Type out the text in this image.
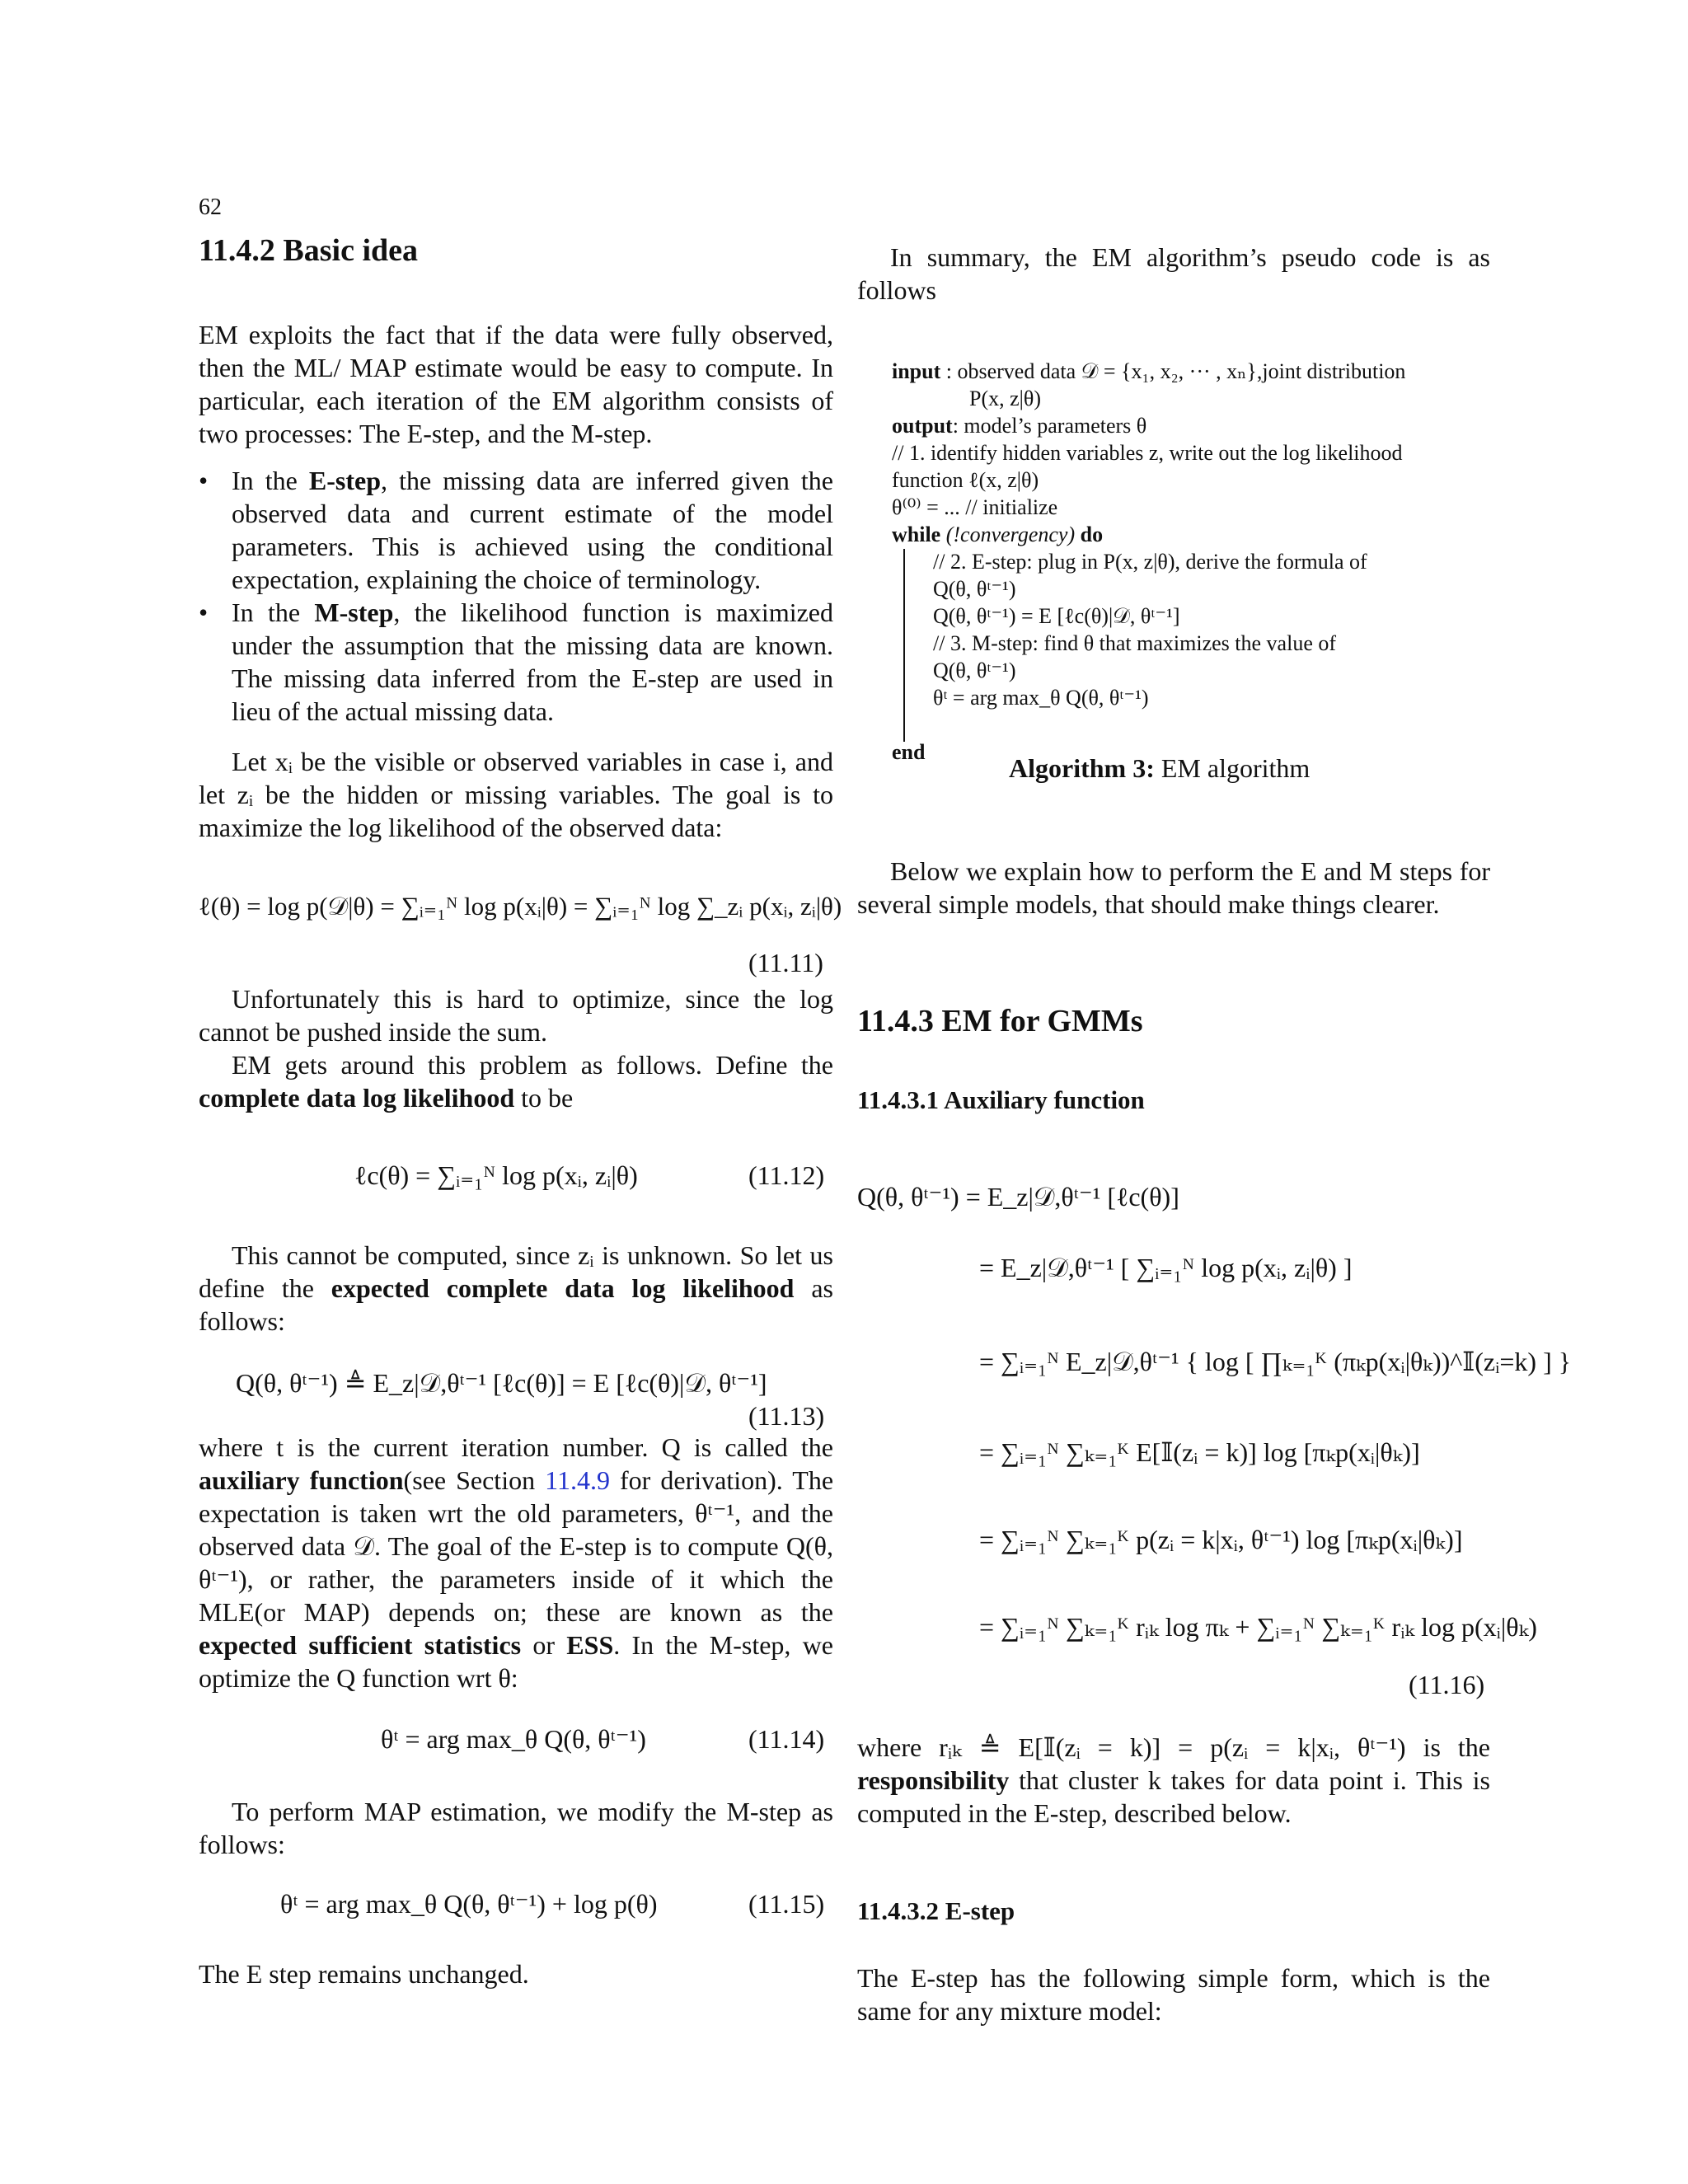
62
11.4.2 Basic idea

EM exploits the fact that if the data were fully observed, then the ML/ MAP estimate would be easy to compute. In particular, each iteration of the EM algorithm consists of two processes: The E-step, and the M-step.

• In the E-step, the missing data are inferred given the observed data and current estimate of the model parameters. This is achieved using the conditional expectation, explaining the choice of terminology.
• In the M-step, the likelihood function is maximized under the assumption that the missing data are known. The missing data inferred from the E-step are used in lieu of the actual missing data.

Let xᵢ be the visible or observed variables in case i, and let zᵢ be the hidden or missing variables. The goal is to maximize the log likelihood of the observed data:

ℓ(θ) = log p(𝒟|θ) = ∑ᵢ₌₁ᴺ log p(xᵢ|θ) = ∑ᵢ₌₁ᴺ log ∑_zᵢ p(xᵢ, zᵢ|θ)
(11.11)

Unfortunately this is hard to optimize, since the log cannot be pushed inside the sum.

EM gets around this problem as follows. Define the complete data log likelihood to be

ℓc(θ) = ∑ᵢ₌₁ᴺ log p(xᵢ, zᵢ|θ)	(11.12)

This cannot be computed, since zᵢ is unknown. So let us define the expected complete data log likelihood as follows:

Q(θ, θᵗ⁻¹) ≜ E_z|𝒟,θᵗ⁻¹ [ℓc(θ)] = E [ℓc(θ)|𝒟, θᵗ⁻¹]
(11.13)

where t is the current iteration number. Q is called the auxiliary function(see Section 11.4.9 for derivation). The expectation is taken wrt the old parameters, θᵗ⁻¹, and the observed data 𝒟. The goal of the E-step is to compute Q(θ, θᵗ⁻¹), or rather, the parameters inside of it which the MLE(or MAP) depends on; these are known as the expected sufficient statistics or ESS. In the M-step, we optimize the Q function wrt θ:

θᵗ = arg max_θ Q(θ, θᵗ⁻¹)	(11.14)

To perform MAP estimation, we modify the M-step as follows:

θᵗ = arg max_θ Q(θ, θᵗ⁻¹) + log p(θ)	(11.15)

The E step remains unchanged.

In summary, the EM algorithm’s pseudo code is as follows

input : observed data 𝒟 = {x₁, x₂, ··· , xₙ},joint distribution
P(x, z|θ)
output: model’s parameters θ
// 1. identify hidden variables z, write out the log likelihood
function ℓ(x, z|θ)
θ⁽⁰⁾ = ... // initialize
while (!convergency) do
// 2. E-step: plug in P(x, z|θ), derive the formula of
Q(θ, θᵗ⁻¹)
Q(θ, θᵗ⁻¹) = E [ℓc(θ)|𝒟, θᵗ⁻¹]
// 3. M-step: find θ that maximizes the value of
Q(θ, θᵗ⁻¹)
θᵗ = arg max_θ Q(θ, θᵗ⁻¹)
end
Algorithm 3: EM algorithm

Below we explain how to perform the E and M steps for several simple models, that should make things clearer.

11.4.3 EM for GMMs
11.4.3.1 Auxiliary function
Q(θ, θᵗ⁻¹) = E_z|𝒟,θᵗ⁻¹ [ℓc(θ)]
= E_z|𝒟,θᵗ⁻¹ [ ∑ᵢ₌₁ᴺ log p(xᵢ, zᵢ|θ) ]
= ∑ᵢ₌₁ᴺ E_z|𝒟,θᵗ⁻¹ { log [ ∏ₖ₌₁ᴷ (πₖp(xᵢ|θₖ))^𝕀(zᵢ=k) ] }
= ∑ᵢ₌₁ᴺ ∑ₖ₌₁ᴷ E[𝕀(zᵢ = k)] log [πₖp(xᵢ|θₖ)]
= ∑ᵢ₌₁ᴺ ∑ₖ₌₁ᴷ p(zᵢ = k|xᵢ, θᵗ⁻¹) log [πₖp(xᵢ|θₖ)]
= ∑ᵢ₌₁ᴺ ∑ₖ₌₁ᴷ rᵢₖ log πₖ + ∑ᵢ₌₁ᴺ ∑ₖ₌₁ᴷ rᵢₖ log p(xᵢ|θₖ)
(11.16)

where rᵢₖ ≜ E[𝕀(zᵢ = k)] = p(zᵢ = k|xᵢ, θᵗ⁻¹) is the responsibility that cluster k takes for data point i. This is computed in the E-step, described below.

11.4.3.2 E-step

The E-step has the following simple form, which is the same for any mixture model:
